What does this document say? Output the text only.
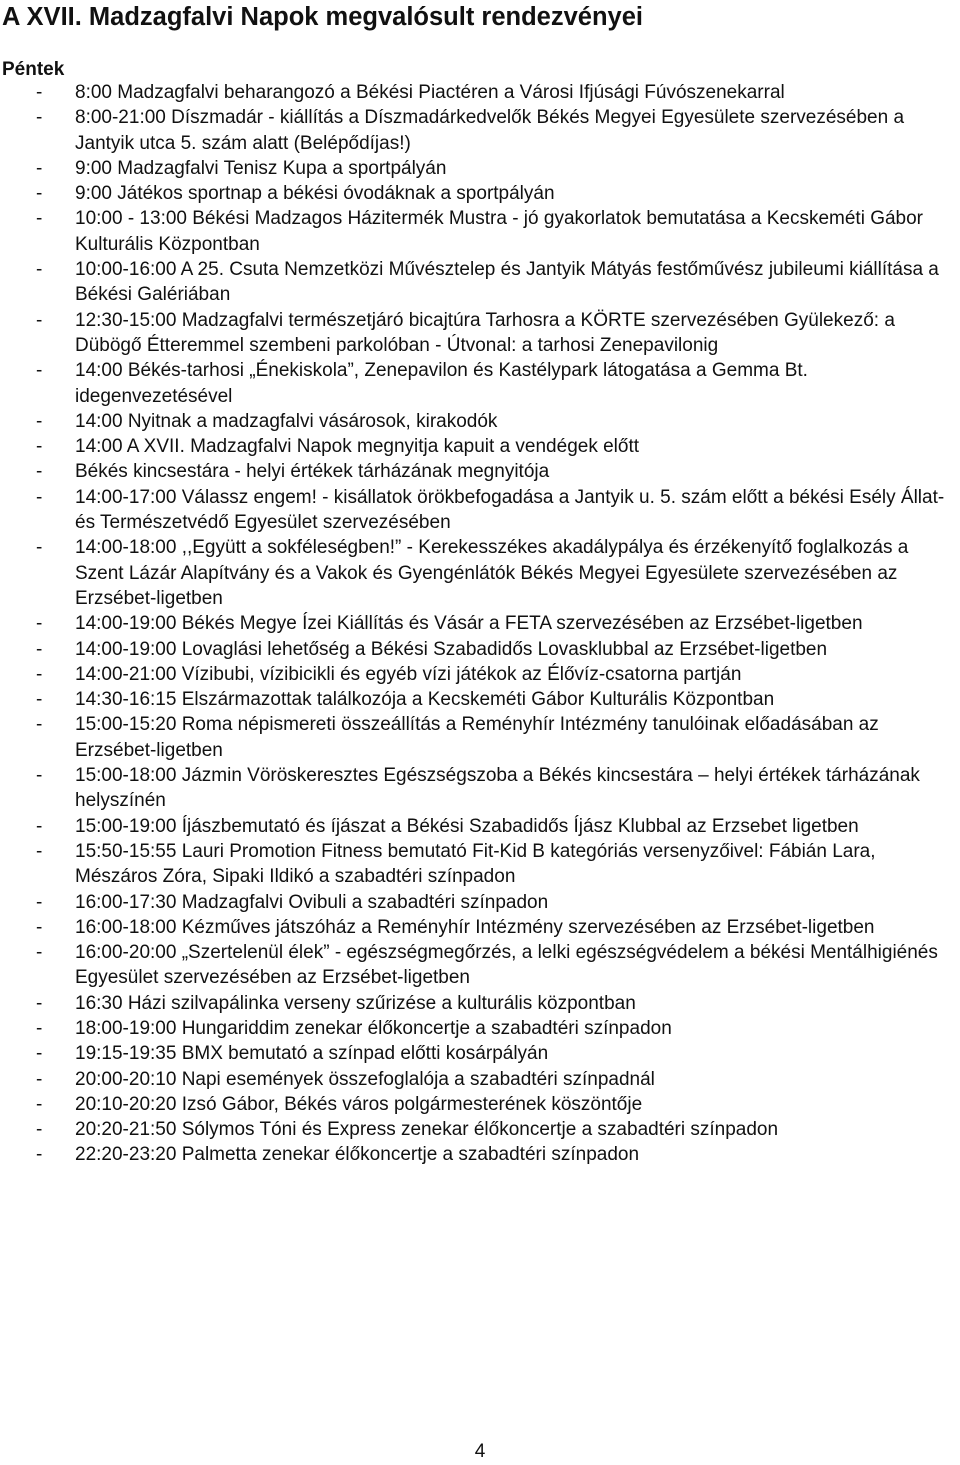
A XVII. Madzagfalvi Napok megvalósult rendezvényei
Péntek
- 8:00 Madzagfalvi beharangozó a Békési Piactéren a Városi Ifjúsági Fúvószenekarral
- 8:00-21:00 Díszmadár - kiállítás a Díszmadárkedvelők Békés Megyei Egyesülete szervezésében a Jantyik utca 5. szám alatt (Belépődíjas!)
- 9:00 Madzagfalvi Tenisz Kupa a sportpályán
- 9:00 Játékos sportnap a békési óvodáknak a sportpályán
- 10:00 - 13:00 Békési Madzagos Házitermék Mustra - jó gyakorlatok bemutatása a Kecskeméti Gábor Kulturális Központban
- 10:00-16:00 A 25. Csuta Nemzetközi Művésztelep és Jantyik Mátyás festőművész jubileumi kiállítása a Békési Galériában
- 12:30-15:00 Madzagfalvi természetjáró bicajtúra Tarhosra a KÖRTE szervezésében Gyülekező: a Dübögő Étteremmel szembeni parkolóban - Útvonal: a tarhosi Zenepavilonig
- 14:00 Békés-tarhosi „Énekiskola”, Zenepavilon és Kastélypark látogatása a Gemma Bt. idegenvezetésével
- 14:00 Nyitnak a madzagfalvi vásárosok, kirakodók
- 14:00 A XVII. Madzagfalvi Napok megnyitja kapuit a vendégek előtt
- Békés kincsestára - helyi értékek tárházának megnyitója
- 14:00-17:00 Válassz engem! - kisállatok örökbefogadása a Jantyik u. 5. szám előtt a békési Esély Állat- és Természetvédő Egyesület szervezésében
- 14:00-18:00 ,,Együtt a sokféleségben!” - Kerekesszékes akadálypálya és érzékenyítő foglalkozás a Szent Lázár Alapítvány és a Vakok és Gyengénlátók Békés Megyei Egyesülete szervezésében az Erzsébet-ligetben
- 14:00-19:00 Békés Megye Ízei Kiállítás és Vásár a FETA szervezésében az Erzsébet-ligetben
- 14:00-19:00 Lovaglási lehetőség a Békési Szabadidős Lovasklubbal az Erzsébet-ligetben
- 14:00-21:00 Vízibubi, vízibicikli és egyéb vízi játékok az Élővíz-csatorna partján
- 14:30-16:15 Elszármazottak találkozója a Kecskeméti Gábor Kulturális Központban
- 15:00-15:20 Roma népismereti összeállítás a Reményhír Intézmény tanulóinak előadásában az Erzsébet-ligetben
- 15:00-18:00 Jázmin Vöröskeresztes Egészségszoba a Békés kincsestára – helyi értékek tárházának helyszínén
- 15:00-19:00 Íjászbemutató és íjászat a Békési Szabadidős Íjász Klubbal az Erzsebet ligetben
- 15:50-15:55 Lauri Promotion Fitness bemutató Fit-Kid B kategóriás versenyzőivel: Fábián Lara, Mészáros Zóra, Sipaki Ildikó a szabadtéri színpadon
- 16:00-17:30 Madzagfalvi Ovibuli a szabadtéri színpadon
- 16:00-18:00 Kézműves játszóház a Reményhír Intézmény szervezésében az Erzsébet-ligetben
- 16:00-20:00 „Szertelenül élek” - egészségmegőrzés, a lelki egészségvédelem a békési Mentálhigiénés Egyesület szervezésében az Erzsébet-ligetben
- 16:30 Házi szilvapálinka verseny szűrizése a kulturális központban
- 18:00-19:00 Hungariddim zenekar élőkoncertje a szabadtéri színpadon
- 19:15-19:35 BMX bemutató a színpad előtti kosárpályán
- 20:00-20:10 Napi események összefoglalója a szabadtéri színpadnál
- 20:10-20:20 Izsó Gábor, Békés város polgármesterének köszöntője
- 20:20-21:50 Sólymos Tóni és Express zenekar élőkoncertje a szabadtéri színpadon
- 22:20-23:20 Palmetta zenekar élőkoncertje a szabadtéri színpadon
4
